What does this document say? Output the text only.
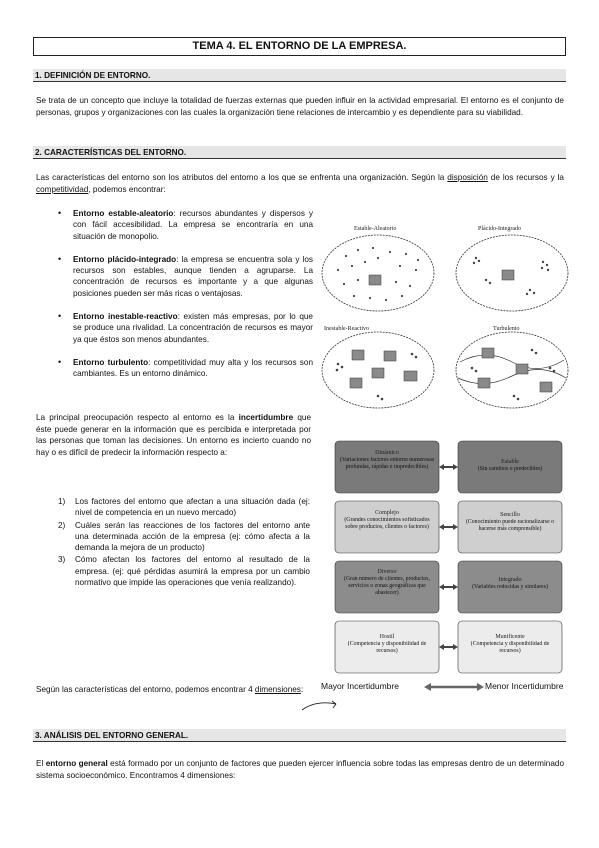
TEMA 4. EL ENTORNO DE LA EMPRESA.
1. DEFINICIÓN DE ENTORNO.

Se trata de un concepto que incluye la totalidad de fuerzas externas que pueden influir en la actividad empresarial. El entorno es el conjunto de personas, grupos y organizaciones con las cuales la organización tiene relaciones de intercambio y es dependiente para su viabilidad.

2. CARACTERÍSTICAS DEL ENTORNO.

Las características del entorno son los atributos del entorno a los que se enfrenta una organización. Según la disposición de los recursos y la competitividad, podemos encontrar:

• Entorno estable-aleatorio: recursos abundantes y dispersos y con fácil accesibilidad. La empresa se encontraría en una situación de monopolio.
• Entorno plácido-integrado: la empresa se encuentra sola y los recursos son estables, aunque tienden a agruparse. La concentración de recursos es importante y a que algunas posiciones pueden ser más ricas o ventajosas.
• Entorno inestable-reactivo: existen más empresas, por lo que se produce una rivalidad. La concentración de recursos es mayor ya que éstos son menos abundantes.
• Entorno turbulento: competitividad muy alta y los recursos son cambiantes. Es un entorno dinámico.
Estable-Aleatorio	Plácido-Integrado
Inestable-Reactivo	Turbulento

La principal preocupación respecto al entorno es la incertidumbre que éste puede generar en la información que es percibida e interpretada por las personas que toman las decisiones. Un entorno es incierto cuando no hay o es difícil de predecir la información respecto a:

1) Los factores del entorno que afectan a una situación dada (ej: nivel de competencia en un nuevo mercado)
2) Cuáles serán las reacciones de los factores del entorno ante una determinada acción de la empresa (ej: cómo afecta a la demanda la mejora de un producto)
3) Cómo afectan los factores del entorno al resultado de la empresa. (ej: qué pérdidas asumirá la empresa por un cambio normativo que impide las operaciones que venía realizando).

Según las características del entorno, podemos encontrar 4 dimensiones:

Dinámico
(Variaciones factores entorno numerosas profundas, rápidas e impredecibles)
Estable
(Sin cambios o predecibles)
Complejo
(Grandes conocimientos sofisticados sobre productos, clientes o factores)
Sencillo
(Conocimiento puede racionalizarse o hacerse más comprensible)
Diverso
(Gran número de clientes, productos, servicios o zonas geográficas que abastecer)
Integrado
(Variables reducidas y similares)
Hostil
(Competencia y disponibilidad de recursos)
Munificente
(Competencia y disponibilidad de recursos)
Mayor Incertidumbre	Menor Incertidumbre
3. ANÁLISIS DEL ENTORNO GENERAL.

El entorno general está formado por un conjunto de factores que pueden ejercer influencia sobre todas las empresas dentro de un determinado sistema socioeconómico. Encontramos 4 dimensiones:
